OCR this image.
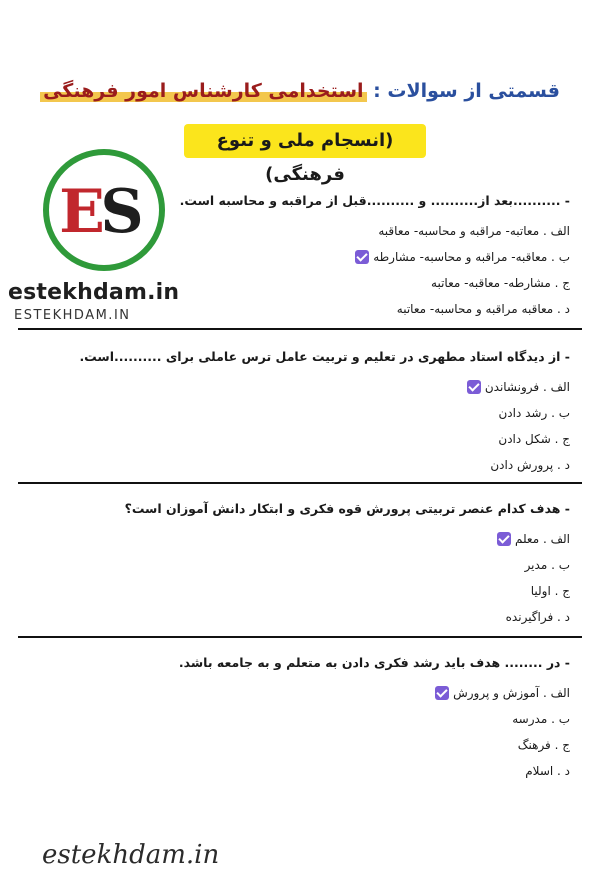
قسمتی از سوالات : استخدامی کارشناس امور فرهنگی
(انسجام ملی و تنوع فرهنگی)
E
S
estekhdam.in
ESTEKHDAM.IN
- ..........بعد از.......... و ..........قبل از مراقبه و محاسبه است.
الف . معاتبه- مراقبه و محاسبه- معاقبه
ب . معاقبه- مراقبه و محاسبه- مشارطه
ج . مشارطه- معاقبه- معاتبه
د . معاقبه مراقبه و محاسبه- معاتبه
- از دیدگاه استاد مطهری در تعلیم و تربیت عامل ترس عاملی برای ..........است.
الف . فرونشاندن
ب . رشد دادن
ج . شکل دادن
د . پرورش دادن
- هدف کدام عنصر تربیتی پرورش قوه فکری و ابتکار دانش آموزان است؟
الف . معلم
ب . مدیر
ج . اولیا
د . فراگیرنده
- در ........ هدف باید رشد فکری دادن به متعلم و به جامعه باشد.
الف . آموزش و پرورش
ب . مدرسه
ج . فرهنگ
د . اسلام
estekhdam.in
